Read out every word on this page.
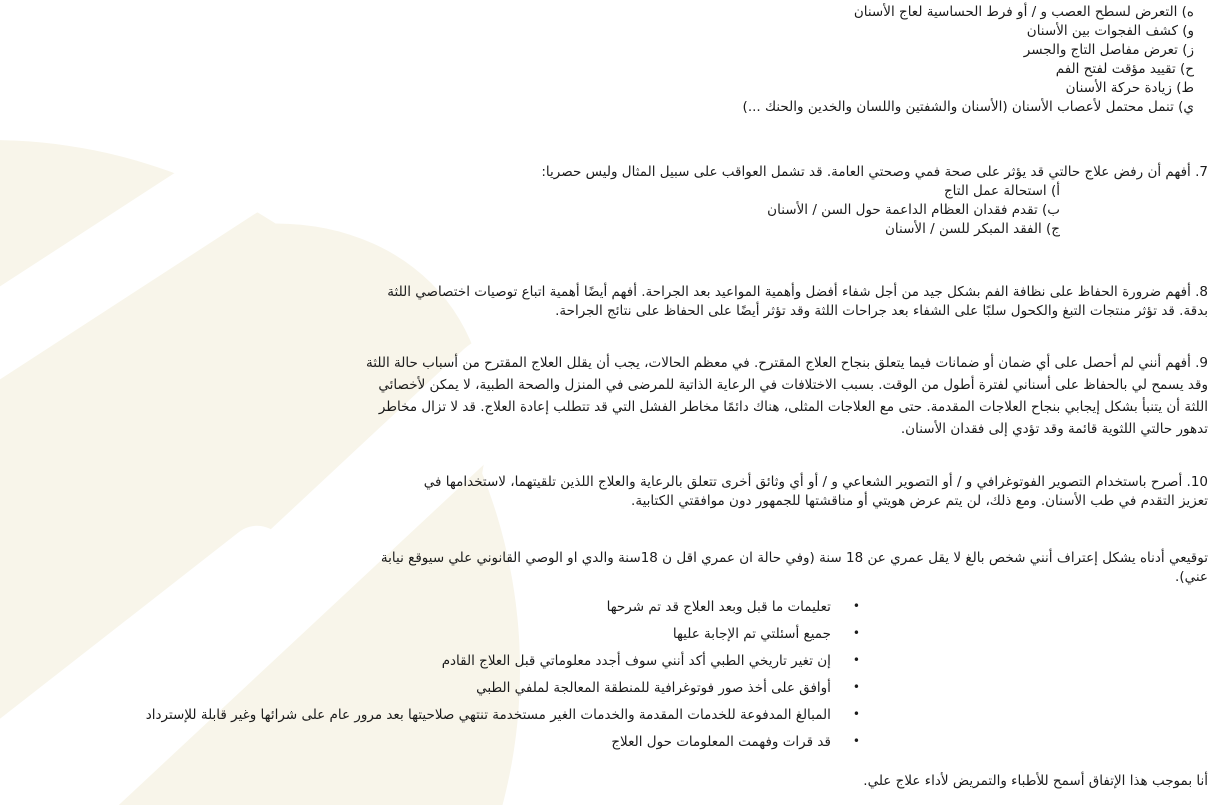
ه) التعرض لسطح العصب و / أو فرط الحساسية لعاج الأسنان
و) كشف الفجوات بين الأسنان
ز) تعرض مفاصل التاج والجسر
ح) تقييد مؤقت لفتح الفم
ط) زيادة حركة الأسنان
ي) تنمل محتمل لأعصاب الأسنان (الأسنان والشفتين واللسان والخدين والحنك ...)
7. أفهم أن رفض علاج حالتي قد يؤثر على صحة فمي وصحتي العامة. قد تشمل العواقب على سبيل المثال وليس حصريا:
أ) استحالة عمل التاج
ب) تقدم فقدان العظام الداعمة حول السن / الأسنان
ج) الفقد المبكر للسن / الأسنان
8. أفهم ضرورة الحفاظ على نظافة الفم بشكل جيد من أجل شفاء أفضل وأهمية المواعيد بعد الجراحة. أفهم أيضًا أهمية اتباع توصيات اختصاصي اللثة
بدقة. قد تؤثر منتجات التبغ والكحول سلبًا على الشفاء بعد جراحات اللثة وقد تؤثر أيضًا على الحفاظ على نتائج الجراحة.
9. أفهم أنني لم أحصل على أي ضمان أو ضمانات فيما يتعلق بنجاح العلاج المقترح. في معظم الحالات، يجب أن يقلل العلاج المقترح من أسباب حالة اللثة
وقد يسمح لي بالحفاظ على أسناني لفترة أطول من الوقت. بسبب الاختلافات في الرعاية الذاتية للمرضى في المنزل والصحة الطبية، لا يمكن لأخصائي
اللثة أن يتنبأ بشكل إيجابي بنجاح العلاجات المقدمة. حتى مع العلاجات المثلى، هناك دائمًا مخاطر الفشل التي قد تتطلب إعادة العلاج. قد لا تزال مخاطر
تدهور حالتي اللثوية قائمة وقد تؤدي إلى فقدان الأسنان.
10. أصرح باستخدام التصوير الفوتوغرافي و / أو التصوير الشعاعي و / أو أي وثائق أخرى تتعلق بالرعاية والعلاج اللذين تلقيتهما، لاستخدامها في
تعزيز التقدم في طب الأسنان. ومع ذلك، لن يتم عرض هويتي أو مناقشتها للجمهور دون موافقتي الكتابية.
توقيعي أدناه يشكل إعتراف أنني شخص بالغ لا يقل عمري عن 18 سنة (وفي حالة ان عمري اقل ن 18سنة والدي او الوصي القانوني علي سيوقع نيابة
عني).
•
تعليمات ما قبل وبعد العلاج قد تم شرحها
•
جميع أسئلتي تم الإجابة عليها
•
إن تغير تاريخي الطبي أكد أنني سوف أجدد معلوماتي قبل العلاج القادم
•
أوافق على أخذ صور فوتوغرافية للمنطقة المعالجة لملفي الطبي
•
المبالغ المدفوعة للخدمات المقدمة والخدمات الغير مستخدمة تنتهي صلاحيتها بعد مرور عام على شرائها وغير قابلة للإسترداد
•
قد قرات وفهمت المعلومات حول العلاج
أنا بموجب هذا الإتفاق أسمح للأطباء والتمريض لأداء علاج علي.
